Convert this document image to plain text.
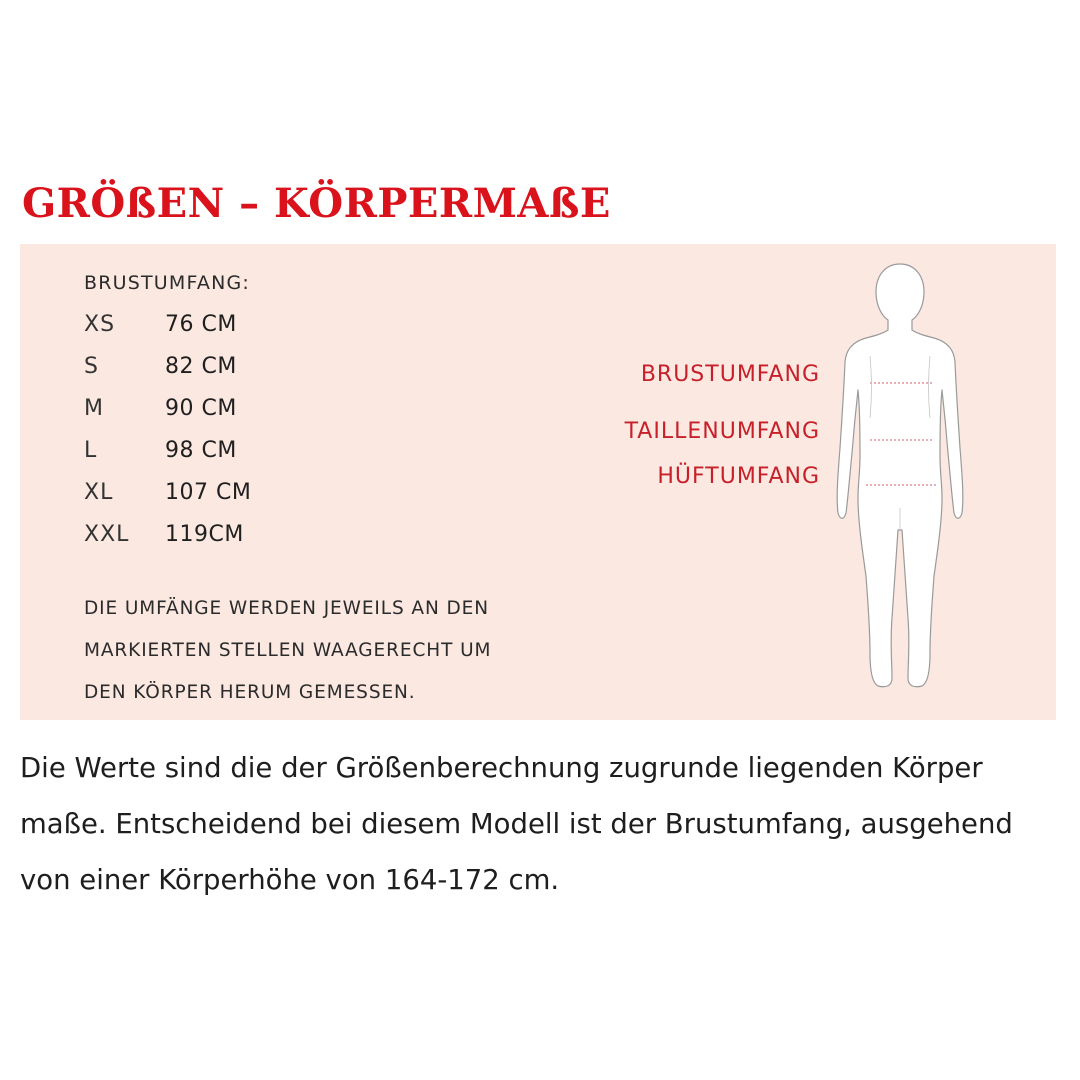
GRÖßEN – KÖRPERMAßE
BRUSTUMFANG:
XS 76 CM
S	82 CM
M	90 CM
L	98 CM
XL 107 CM
XXL 119CM
DIE UMFÄNGE WERDEN JEWEILS AN DEN
MARKIERTEN STELLEN WAAGERECHT UM
DEN KÖRPER HERUM GEMESSEN.
BRUSTUMFANG
TAILLENUMFANG
HÜFTUMFANG
Die Werte sind die der Größenberechnung zugrunde liegenden Körper
maße. Entscheidend bei diesem Modell ist der Brustumfang, ausgehend
von einer Körperhöhe von 164-172 cm.
